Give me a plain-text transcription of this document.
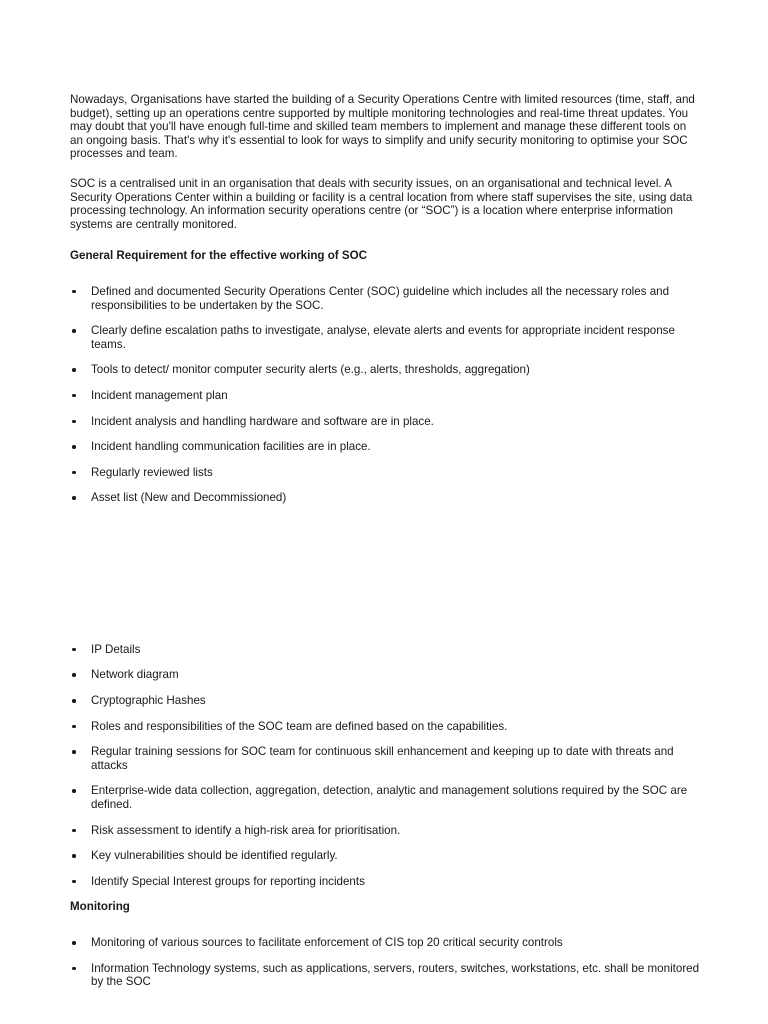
Nowadays, Organisations have started the building of a Security Operations Centre with limited resources (time, staff, and budget), setting up an operations centre supported by multiple monitoring technologies and real-time threat updates. You may doubt that you'll have enough full-time and skilled team members to implement and manage these different tools on an ongoing basis. That's why it's essential to look for ways to simplify and unify security monitoring to optimise your SOC processes and team.

SOC is a centralised unit in an organisation that deals with security issues, on an organisational and technical level. A Security Operations Center within a building or facility is a central location from where staff supervises the site, using data processing technology. An information security operations centre (or “SOC”) is a location where enterprise information systems are centrally monitored.

General Requirement for the effective working of SOC
Defined and documented Security Operations Center (SOC) guideline which includes all the necessary roles and responsibilities to be undertaken by the SOC.
Clearly define escalation paths to investigate, analyse, elevate alerts and events for appropriate incident response teams.
Tools to detect/ monitor computer security alerts (e.g., alerts, thresholds, aggregation)
Incident management plan
Incident analysis and handling hardware and software are in place.
Incident handling communication facilities are in place.
Regularly reviewed lists
Asset list (New and Decommissioned)
IP Details
Network diagram
Cryptographic Hashes
Roles and responsibilities of the SOC team are defined based on the capabilities.
Regular training sessions for SOC team for continuous skill enhancement and keeping up to date with threats and attacks
Enterprise-wide data collection, aggregation, detection, analytic and management solutions required by the SOC are defined.
Risk assessment to identify a high-risk area for prioritisation.
Key vulnerabilities should be identified regularly.
Identify Special Interest groups for reporting incidents
Monitoring
Monitoring of various sources to facilitate enforcement of CIS top 20 critical security controls
Information Technology systems, such as applications, servers, routers, switches, workstations, etc. shall be monitored by the SOC
